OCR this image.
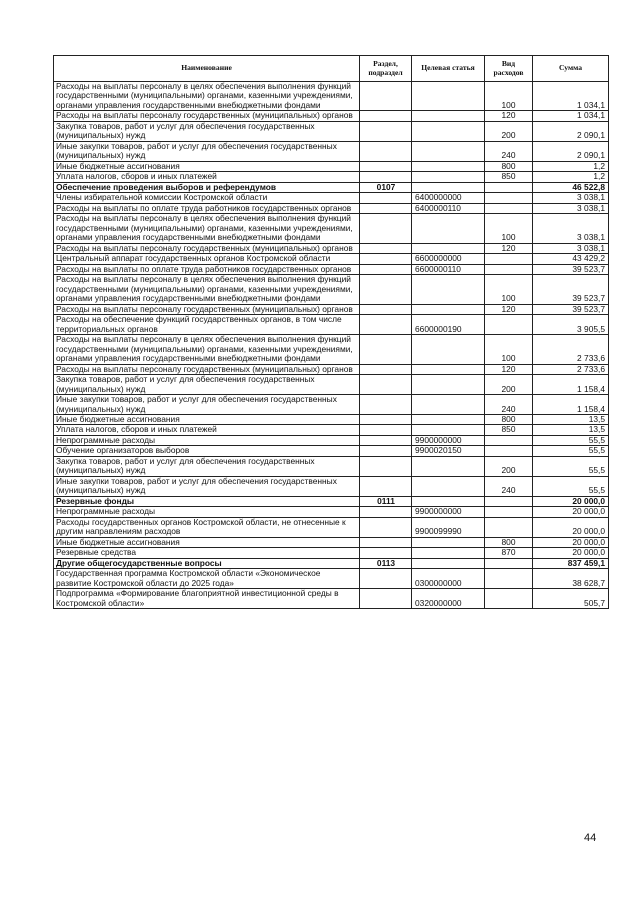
Наименование	Раздел, подраздел	Целевая статья	Вид расходов	Сумма
Расходы на выплаты персоналу в целях обеспечения выполнения функций государственными (муниципальными) органами, казенными учреждениями, органами управления государственными внебюджетными фондами			100	1 034,1
Расходы на выплаты персоналу государственных (муниципальных) органов			120	1 034,1
Закупка товаров, работ и услуг для обеспечения государственных (муниципальных) нужд			200	2 090,1
Иные закупки товаров, работ и услуг для обеспечения государственных (муниципальных) нужд			240	2 090,1
Иные бюджетные ассигнования			800	1,2
Уплата налогов, сборов и иных платежей			850	1,2
Обеспечение проведения выборов и референдумов	0107			46 522,8
Члены избирательной комиссии Костромской области		6400000000		3 038,1
Расходы на выплаты по оплате труда работников государственных органов		6400000110		3 038,1
Расходы на выплаты персоналу в целях обеспечения выполнения функций государственными (муниципальными) органами, казенными учреждениями, органами управления государственными внебюджетными фондами			100	3 038,1
Расходы на выплаты персоналу государственных (муниципальных) органов			120	3 038,1
Центральный аппарат государственных органов Костромской области		6600000000		43 429,2
Расходы на выплаты по оплате труда работников государственных органов		6600000110		39 523,7
Расходы на выплаты персоналу в целях обеспечения выполнения функций государственными (муниципальными) органами, казенными учреждениями, органами управления государственными внебюджетными фондами			100	39 523,7
Расходы на выплаты персоналу государственных (муниципальных) органов			120	39 523,7
Расходы на обеспечение функций государственных органов, в том числе территориальных органов		6600000190		3 905,5
Расходы на выплаты персоналу в целях обеспечения выполнения функций государственными (муниципальными) органами, казенными учреждениями, органами управления государственными внебюджетными фондами			100	2 733,6
Расходы на выплаты персоналу государственных (муниципальных) органов			120	2 733,6
Закупка товаров, работ и услуг для обеспечения государственных (муниципальных) нужд			200	1 158,4
Иные закупки товаров, работ и услуг для обеспечения государственных (муниципальных) нужд			240	1 158,4
Иные бюджетные ассигнования			800	13,5
Уплата налогов, сборов и иных платежей			850	13,5
Непрограммные расходы		9900000000		55,5
Обучение организаторов выборов		9900020150		55,5
Закупка товаров, работ и услуг для обеспечения государственных (муниципальных) нужд			200	55,5
Иные закупки товаров, работ и услуг для обеспечения государственных (муниципальных) нужд			240	55,5
Резервные фонды	0111			20 000,0
Непрограммные расходы		9900000000		20 000,0
Расходы государственных органов Костромской области, не отнесенные к другим направлениям расходов		9900099990		20 000,0
Иные бюджетные ассигнования			800	20 000,0
Резервные средства			870	20 000,0
Другие общегосударственные вопросы	0113			837 459,1
Государственная программа Костромской области «Экономическое развитие Костромской области до 2025 года»		0300000000		38 628,7
Подпрограмма «Формирование благоприятной инвестиционной среды в Костромской области»		0320000000		505,7
44
